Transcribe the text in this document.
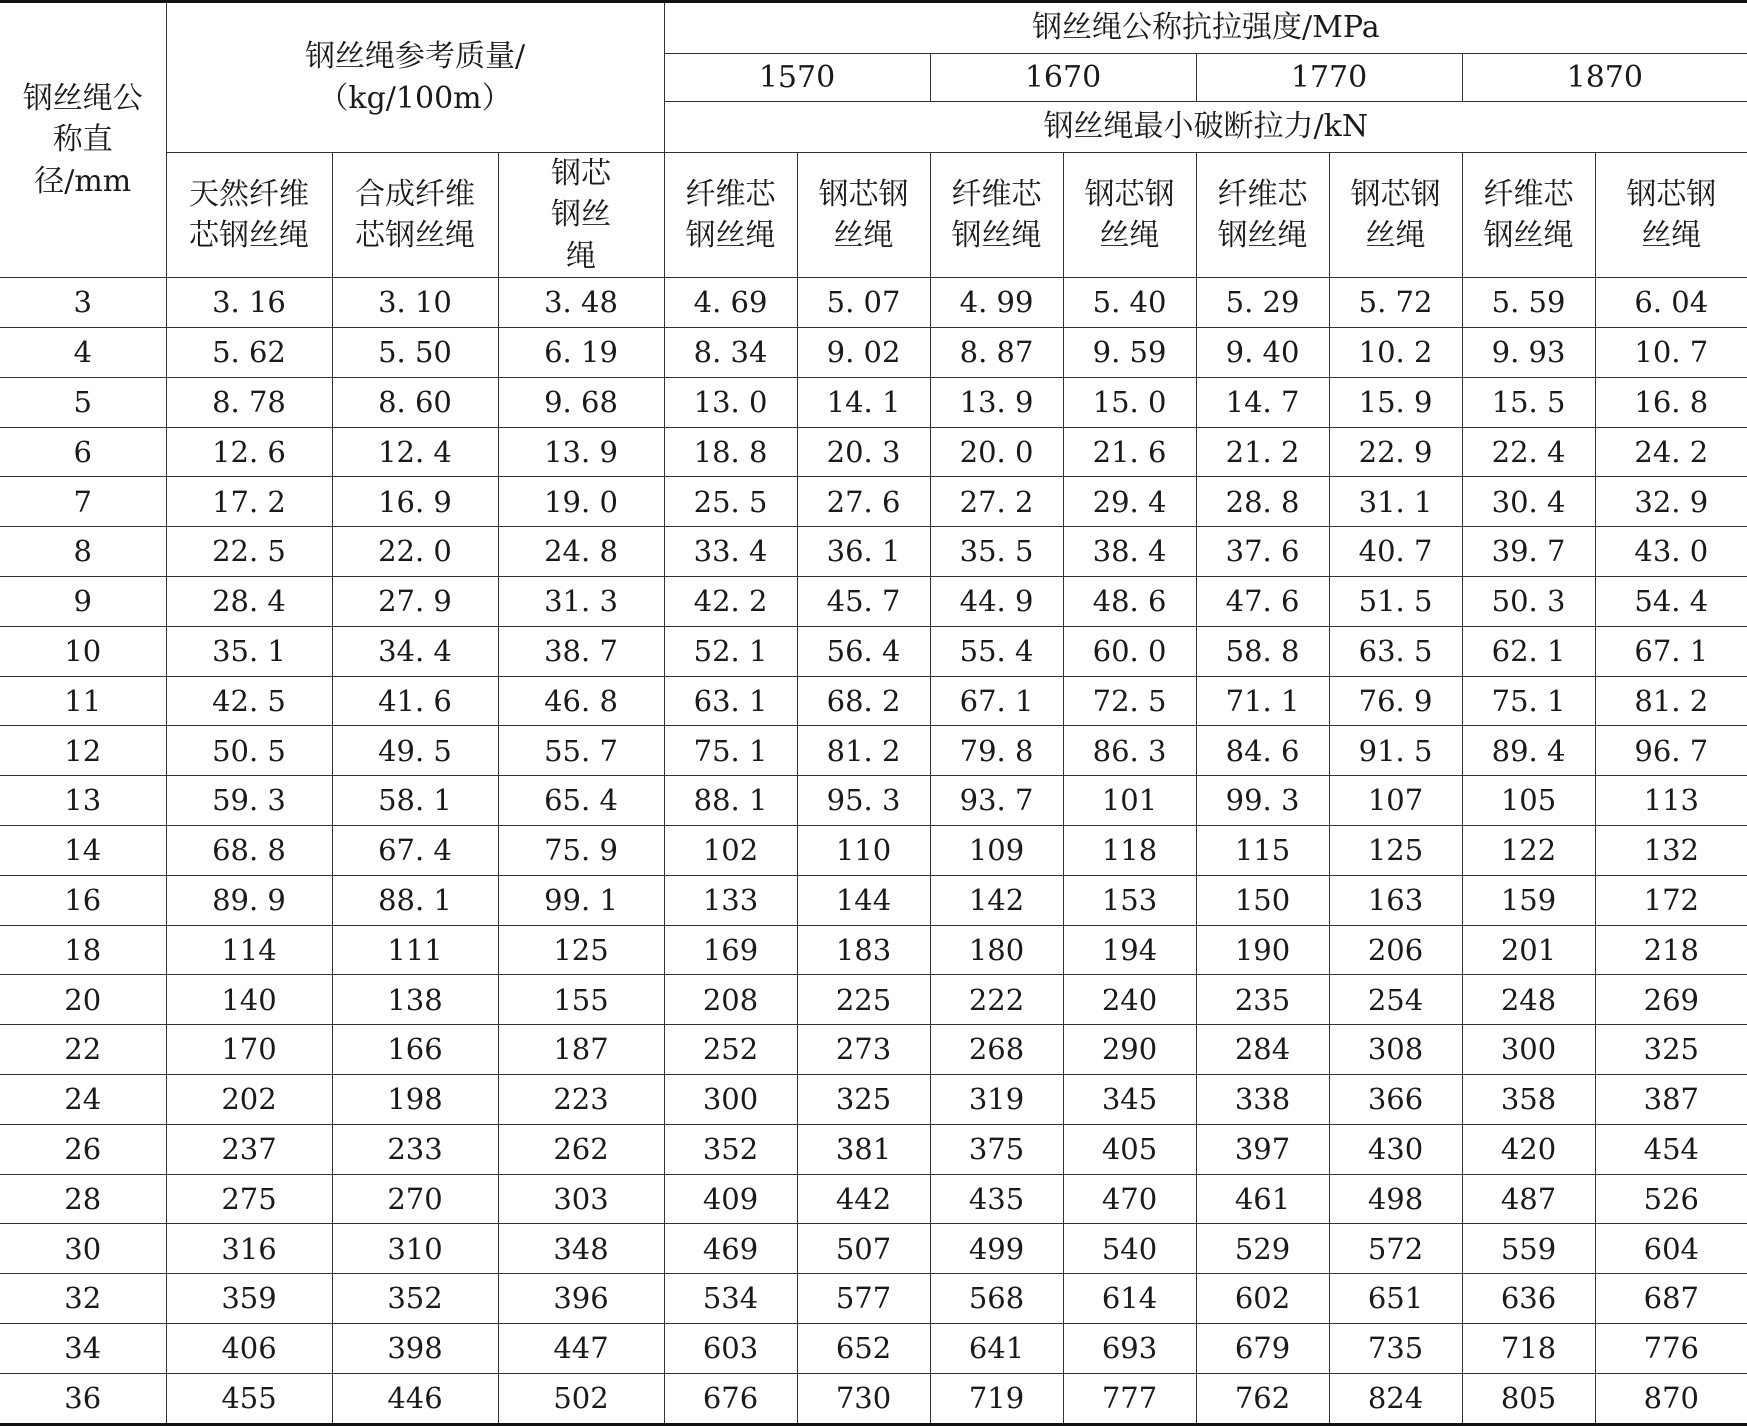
钢丝绳公称直径/mm	钢丝绳参考质量/（kg/100m）			钢丝绳公称抗拉强度/MPa							
				1570		1670		1770		1870	
				钢丝绳最小破断拉力/kN							
	天然纤维芯钢丝绳	合成纤维芯钢丝绳	钢芯钢丝绳	纤维芯钢丝绳	钢芯钢丝绳	纤维芯钢丝绳	钢芯钢丝绳	纤维芯钢丝绳	钢芯钢丝绳	纤维芯钢丝绳	钢芯钢丝绳
3	3. 16	3. 10	3. 48	4. 69	5. 07	4. 99	5. 40	5. 29	5. 72	5. 59	6. 04
4	5. 62	5. 50	6. 19	8. 34	9. 02	8. 87	9. 59	9. 40	10. 2	9. 93	10. 7
5	8. 78	8. 60	9. 68	13. 0	14. 1	13. 9	15. 0	14. 7	15. 9	15. 5	16. 8
6	12. 6	12. 4	13. 9	18. 8	20. 3	20. 0	21. 6	21. 2	22. 9	22. 4	24. 2
7	17. 2	16. 9	19. 0	25. 5	27. 6	27. 2	29. 4	28. 8	31. 1	30. 4	32. 9
8	22. 5	22. 0	24. 8	33. 4	36. 1	35. 5	38. 4	37. 6	40. 7	39. 7	43. 0
9	28. 4	27. 9	31. 3	42. 2	45. 7	44. 9	48. 6	47. 6	51. 5	50. 3	54. 4
10	35. 1	34. 4	38. 7	52. 1	56. 4	55. 4	60. 0	58. 8	63. 5	62. 1	67. 1
11	42. 5	41. 6	46. 8	63. 1	68. 2	67. 1	72. 5	71. 1	76. 9	75. 1	81. 2
12	50. 5	49. 5	55. 7	75. 1	81. 2	79. 8	86. 3	84. 6	91. 5	89. 4	96. 7
13	59. 3	58. 1	65. 4	88. 1	95. 3	93. 7	101	99. 3	107	105	113
14	68. 8	67. 4	75. 9	102	110	109	118	115	125	122	132
16	89. 9	88. 1	99. 1	133	144	142	153	150	163	159	172
18	114	111	125	169	183	180	194	190	206	201	218
20	140	138	155	208	225	222	240	235	254	248	269
22	170	166	187	252	273	268	290	284	308	300	325
24	202	198	223	300	325	319	345	338	366	358	387
26	237	233	262	352	381	375	405	397	430	420	454
28	275	270	303	409	442	435	470	461	498	487	526
30	316	310	348	469	507	499	540	529	572	559	604
32	359	352	396	534	577	568	614	602	651	636	687
34	406	398	447	603	652	641	693	679	735	718	776
36	455	446	502	676	730	719	777	762	824	805	870
